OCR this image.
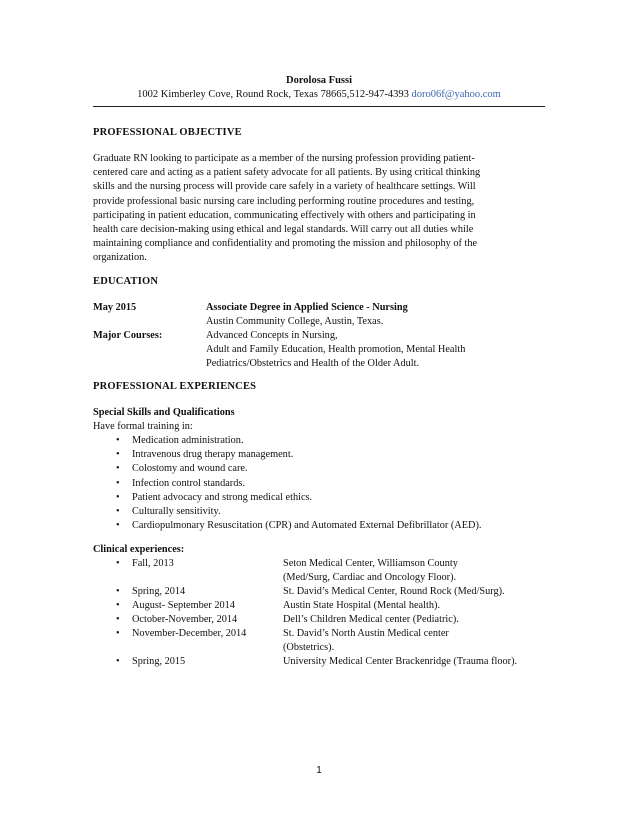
Dorolosa Fussi
1002 Kimberley Cove, Round Rock, Texas 78665,512-947-4393 doro06f@yahoo.com
PROFESSIONAL OBJECTIVE
Graduate RN looking to participate as a member of the nursing profession providing patient-
centered care and acting as a patient safety advocate for all patients. By using critical thinking
skills and the nursing process will provide care safely in a variety of healthcare settings. Will
provide professional basic nursing care including performing routine procedures and testing,
participating in patient education, communicating effectively with others and participating in
health care decision-making using ethical and legal standards. Will carry out all duties while
maintaining compliance and confidentiality and promoting the mission and philosophy of the
organization.
EDUCATION
May 2015	Associate Degree in Applied Science - Nursing
Austin Community College, Austin, Texas.
Major Courses:	Advanced Concepts in Nursing,
Adult and Family Education, Health promotion, Mental Health
Pediatrics/Obstetrics and Health of the Older Adult.
PROFESSIONAL EXPERIENCES
Special Skills and Qualifications
Have formal training in:
• Medication administration.
• Intravenous drug therapy management.
• Colostomy and wound care.
• Infection control standards.
• Patient advocacy and strong medical ethics.
• Culturally sensitivity.
• Cardiopulmonary Resuscitation (CPR) and Automated External Defibrillator (AED).
Clinical experiences:
• Fall, 2013	Seton Medical Center, Williamson County
(Med/Surg, Cardiac and Oncology Floor).
• Spring, 2014	St. David’s Medical Center, Round Rock (Med/Surg).
• August- September 2014	Austin State Hospital (Mental health).
• October-November, 2014	Dell’s Children Medical center (Pediatric).
• November-December, 2014	St. David’s North Austin Medical center
(Obstetrics).
• Spring, 2015	University Medical Center Brackenridge (Trauma floor).
1
